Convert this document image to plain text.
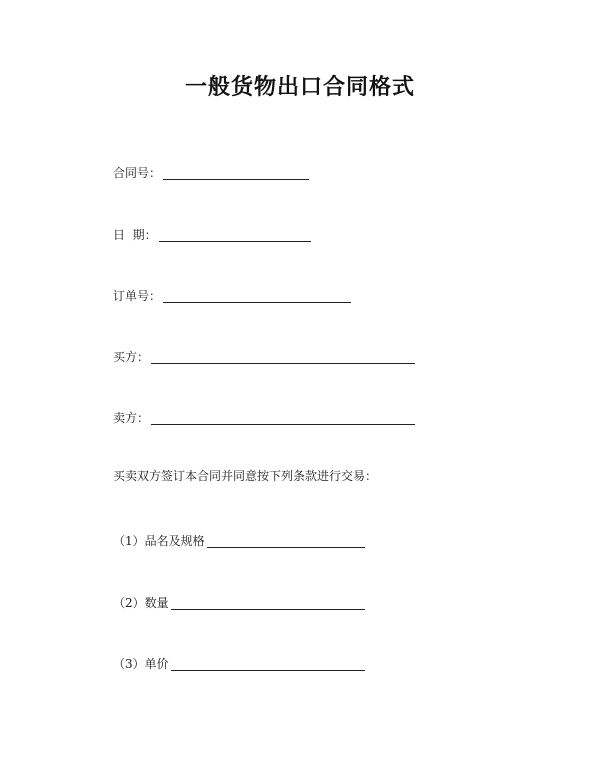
一般货物出口合同格式
合同号：
日  期：
订单号：
买方：
卖方：
买卖双方签订本合同并同意按下列条款进行交易：
（1）品名及规格
（2）数量
（3）单价
